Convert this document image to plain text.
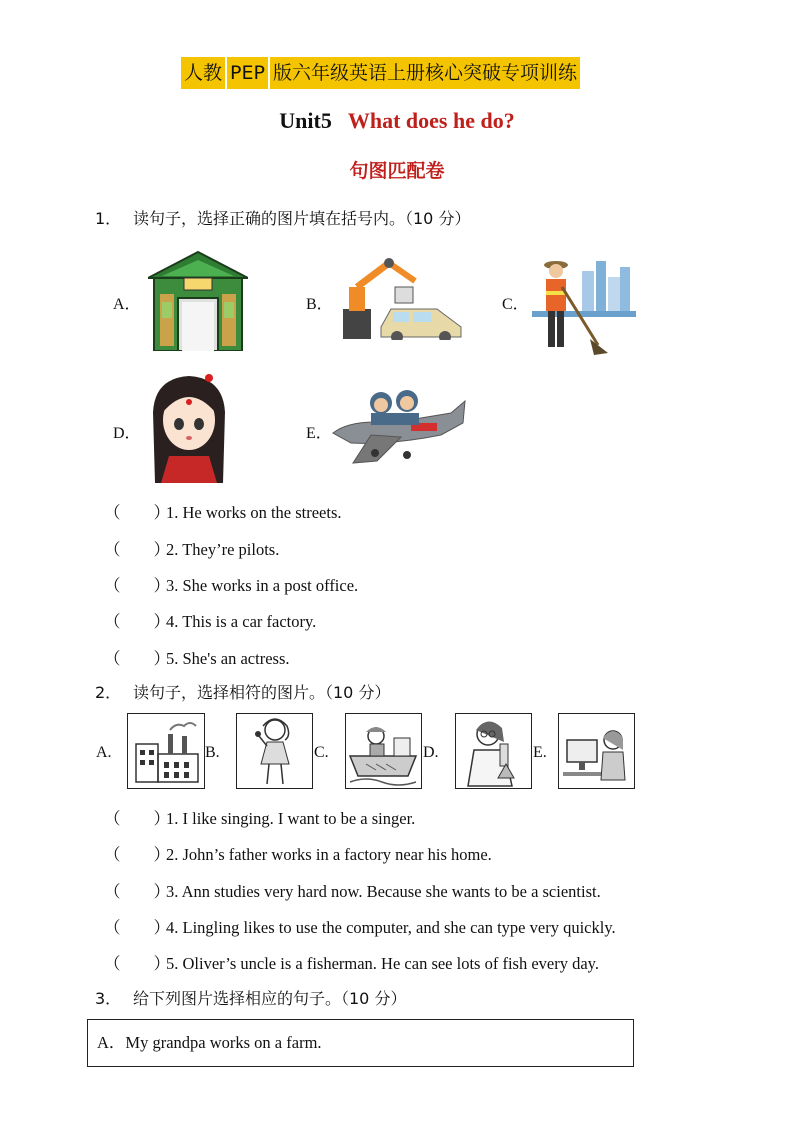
人教 PEP 版六年级英语上册核心突破专项训练
Unit5 What does he do?
句图匹配卷
1． 读句子，选择正确的图片填在括号内。（10 分）
A．	B．	C．
D．	E．
（　　）1. He works on the streets.
（　　）2. They’re pilots.
（　　）3. She works in a post office.
（　　）4. This is a car factory.
（　　）5. She's an actress.
2． 读句子，选择相符的图片。（10 分）
A.	B.	C.	D.	E.
（　　）1. I like singing. I want to be a singer.
（　　）2. John’s father works in a factory near his home.
（　　）3. Ann studies very hard now. Because she wants to be a scientist.
（　　）4. Lingling likes to use the computer, and she can type very quickly.
（　　）5. Oliver’s uncle is a fisherman. He can see lots of fish every day.
3． 给下列图片选择相应的句子。（10 分）
A．My grandpa works on a farm.
